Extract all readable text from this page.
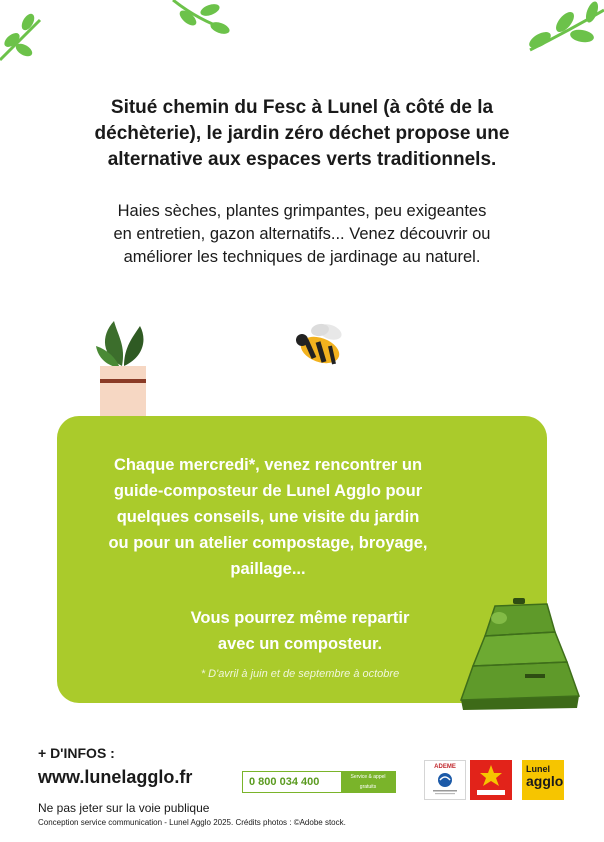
Situé chemin du Fesc à Lunel (à côté de la
déchèterie), le jardin zéro déchet propose une
alternative aux espaces verts traditionnels.
Haies sèches, plantes grimpantes, peu exigeantes
en entretien, gazon alternatifs... Venez découvrir ou
améliorer les techniques de jardinage au naturel.
Chaque mercredi*, venez rencontrer un
guide-composteur de Lunel Agglo pour
quelques conseils, une visite du jardin
ou pour un atelier compostage, broyage,
paillage...
Vous pourrez même repartir
avec un composteur.
* D'avril à juin et de septembre à octobre
+ D'INFOS :
www.lunelagglo.fr	0 800 034 400	Service & appel gratuits
ADEME	Lunel
agglo
Ne pas jeter sur la voie publique
Conception service communication - Lunel Agglo 2025. Crédits photos : ©Adobe stock.
